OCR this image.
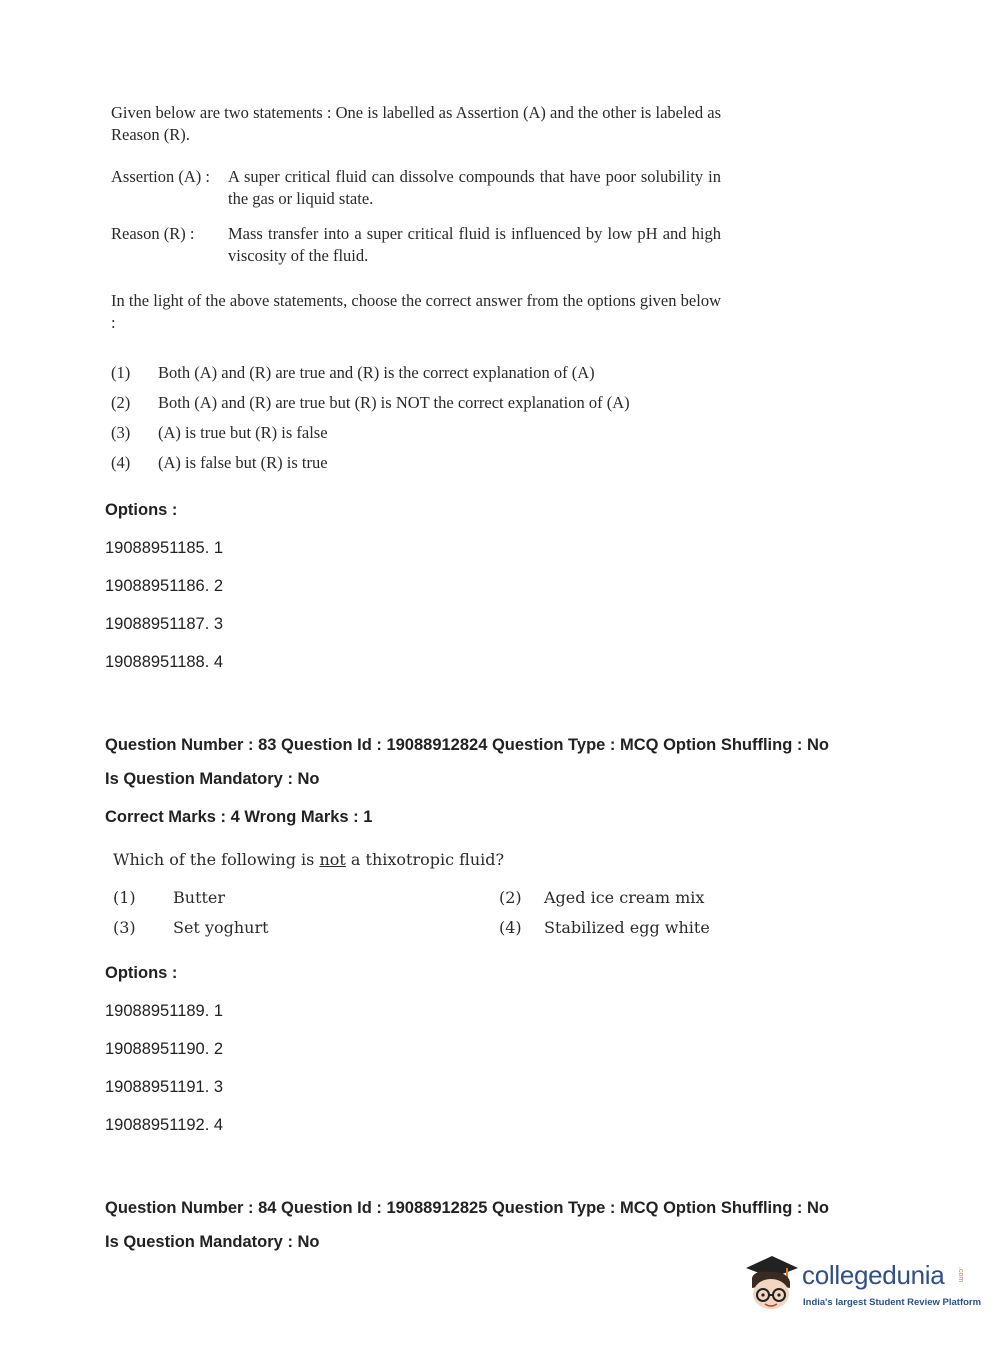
Given below are two statements : One is labelled as Assertion (A) and the other is labeled as Reason (R).
Assertion (A) :	A super critical fluid can dissolve compounds that have poor solubility in the gas or liquid state.
Reason (R) :	Mass transfer into a super critical fluid is influenced by low pH and high viscosity of the fluid.
In the light of the above statements, choose the correct answer from the options given below :
(1)	Both (A) and (R) are true and (R) is the correct explanation of (A)
(2)	Both (A) and (R) are true but (R) is NOT the correct explanation of (A)
(3)	(A) is true but (R) is false
(4)	(A) is false but (R) is true
Options :
19088951185. 1
19088951186. 2
19088951187. 3
19088951188. 4
Question Number : 83 Question Id : 19088912824 Question Type : MCQ Option Shuffling : No
Is Question Mandatory : No
Correct Marks : 4 Wrong Marks : 1
Which of the following is not a thixotropic fluid?
(1)	Butter	(2)	Aged ice cream mix
(3)	Set yoghurt	(4)	Stabilized egg white
Options :
19088951189. 1
19088951190. 2
19088951191. 3
19088951192. 4
Question Number : 84 Question Id : 19088912825 Question Type : MCQ Option Shuffling : No
Is Question Mandatory : No
collegedunia .com
India's largest Student Review Platform
